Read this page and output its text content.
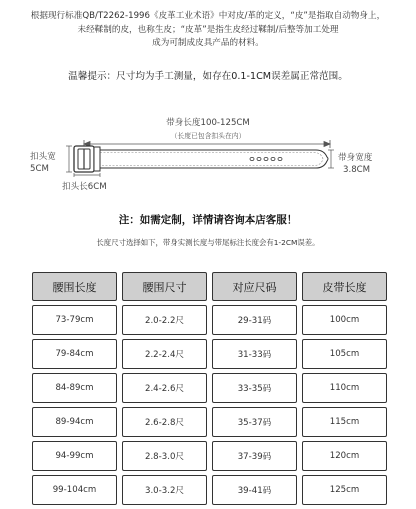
根据现行标准QB/T2262-1996《皮革工业术语》中对皮/革的定义，“皮”是指取自动物身上，
未经鞣制的皮，也称生皮；“皮革”是指生皮经过鞣制/后整等加工处理
成为可制成皮具产品的材料。
温馨提示：尺寸均为手工测量，如存在0.1-1CM误差属正常范围。
带身长度100-125CM
（长度已包含扣头在内）
扣头宽
5CM
扣头长6CM
带身宽度
3.8CM
注：如需定制，详情请咨询本店客服！
长度尺寸选择如下，带身实测长度与带尾标注长度会有1-2CM误差。
腰围长度	腰围尺寸	对应尺码	皮带长度
73-79cm	2.0-2.2尺	29-31码	100cm
79-84cm	2.2-2.4尺	31-33码	105cm
84-89cm	2.4-2.6尺	33-35码	110cm
89-94cm	2.6-2.8尺	35-37码	115cm
94-99cm	2.8-3.0尺	37-39码	120cm
99-104cm	3.0-3.2尺	39-41码	125cm
